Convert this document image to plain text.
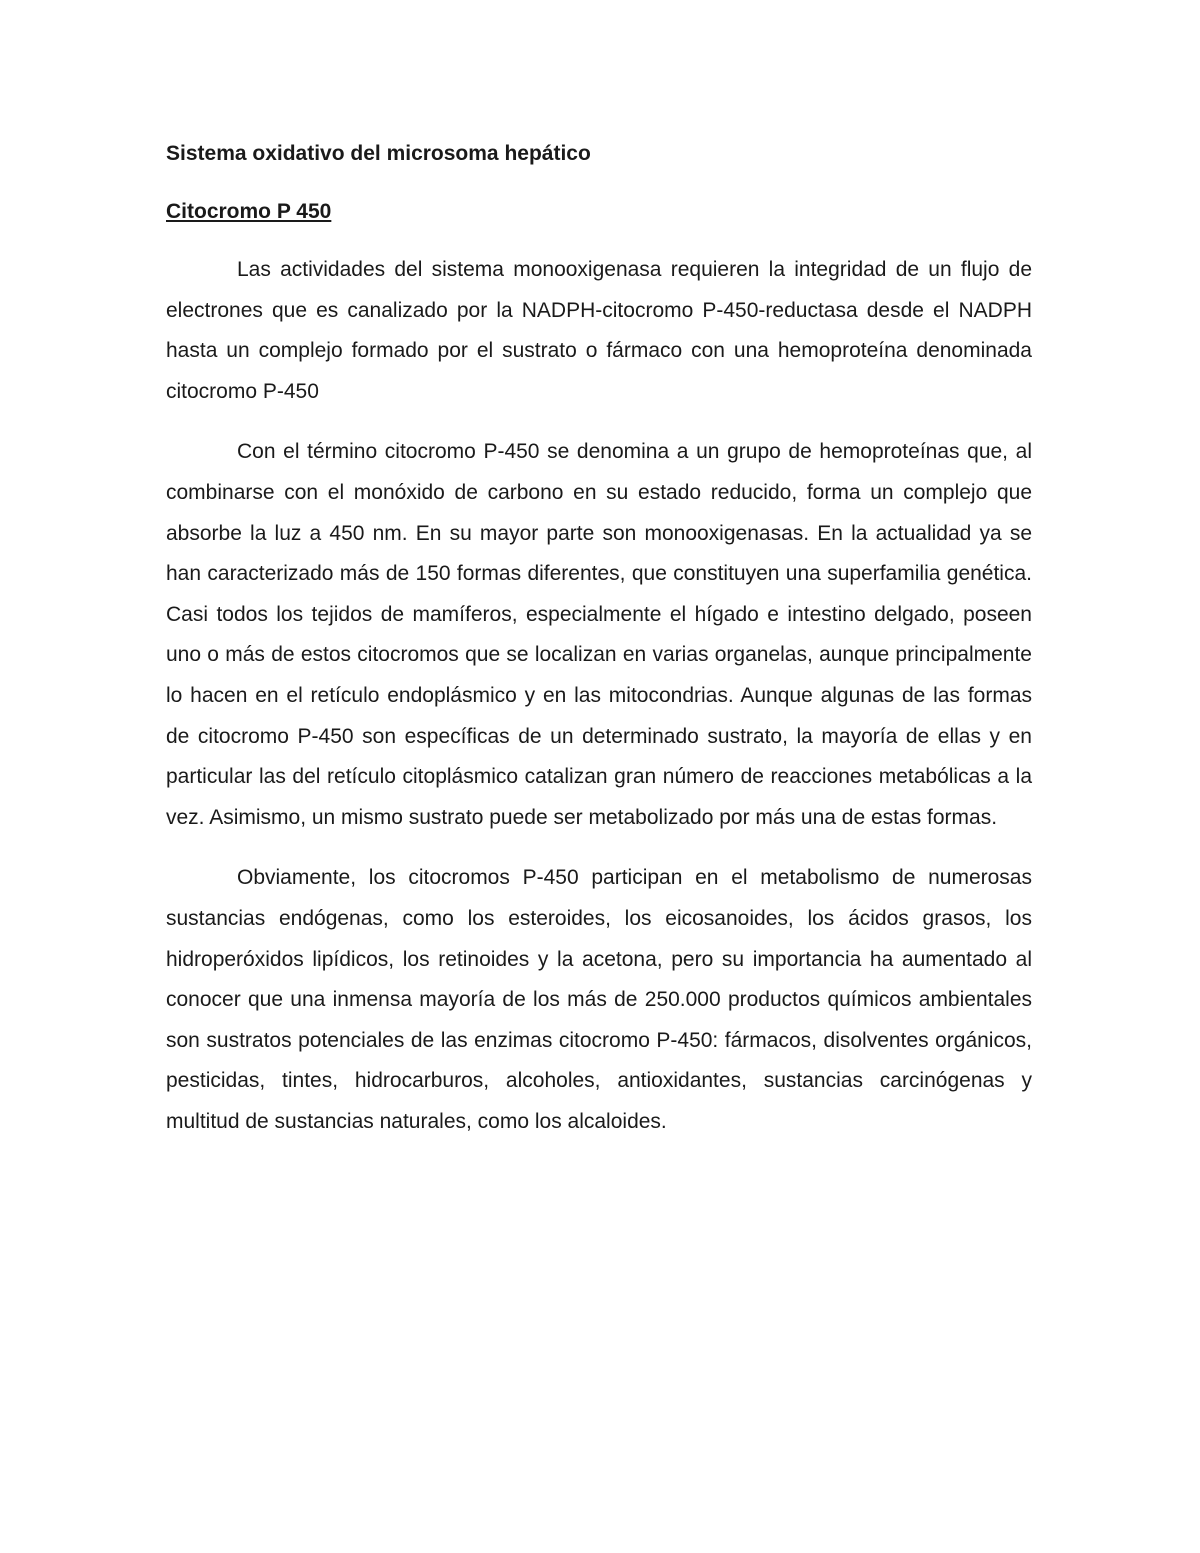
Sistema oxidativo del microsoma hepático
Citocromo P 450

Las actividades del sistema monooxigenasa requieren la integridad de un flujo de electrones que es canalizado por la NADPH-citocromo P-450-reductasa desde el NADPH hasta un complejo formado por el sustrato o fármaco con una hemoproteína denominada citocromo P-450

Con el término citocromo P-450 se denomina a un grupo de hemoproteínas que, al combinarse con el monóxido de carbono en su estado reducido, forma un complejo que absorbe la luz a 450 nm. En su mayor parte son monooxigenasas. En la actualidad ya se han caracterizado más de 150 formas diferentes, que constituyen una superfamilia genética. Casi todos los tejidos de mamíferos, especialmente el hígado e intestino delgado, poseen uno o más de estos citocromos que se localizan en varias organelas, aunque principalmente lo hacen en el retículo endoplásmico y en las mitocondrias. Aunque algunas de las formas de citocromo P-450 son específicas de un determinado sustrato, la mayoría de ellas y en particular las del retículo citoplásmico catalizan gran número de reacciones metabólicas a la vez. Asimismo, un mismo sustrato puede ser metabolizado por más una de estas formas.

Obviamente, los citocromos P-450 participan en el metabolismo de numerosas sustancias endógenas, como los esteroides, los eicosanoides, los ácidos grasos, los hidroperóxidos lipídicos, los retinoides y la acetona, pero su importancia ha aumentado al conocer que una inmensa mayoría de los más de 250.000 productos químicos ambientales son sustratos potenciales de las enzimas citocromo P-450: fármacos, disolventes orgánicos, pesticidas, tintes, hidrocarburos, alcoholes, antioxidantes, sustancias carcinógenas y multitud de sustancias naturales, como los alcaloides.
